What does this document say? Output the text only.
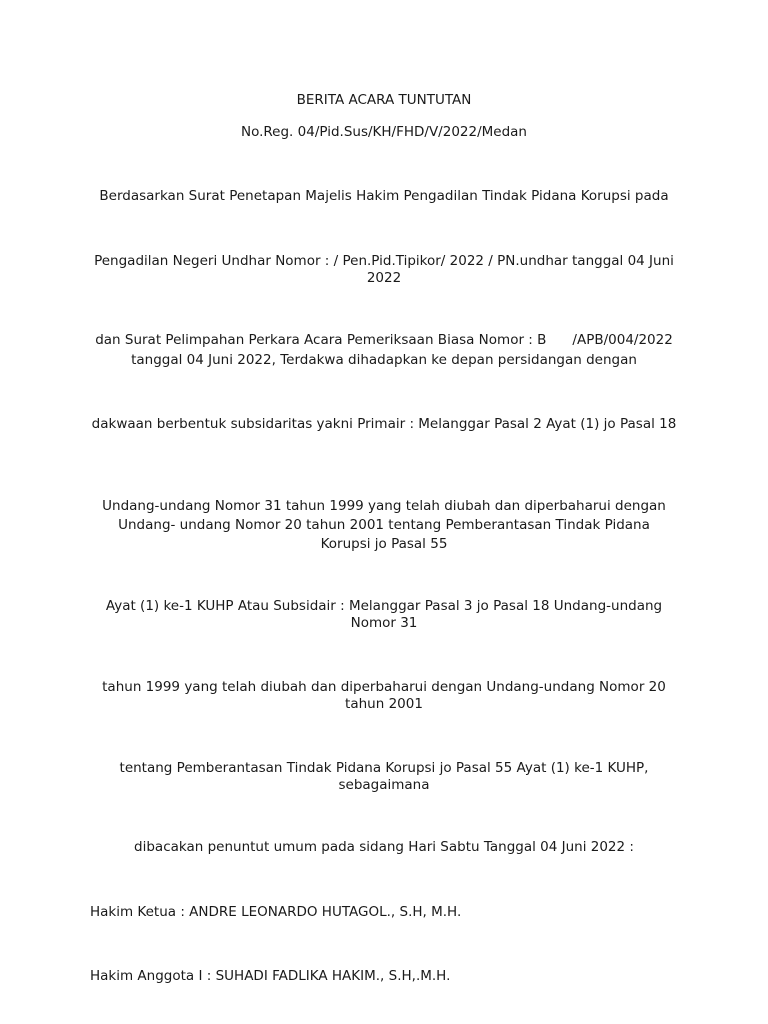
BERITA ACARA TUNTUTAN
No.Reg. 04/Pid.Sus/KH/FHD/V/2022/Medan
Berdasarkan Surat Penetapan Majelis Hakim Pengadilan Tindak Pidana Korupsi pada
Pengadilan Negeri Undhar Nomor : / Pen.Pid.Tipikor/ 2022 / PN.undhar tanggal 04 Juni 2022
dan Surat Pelimpahan Perkara Acara Pemeriksaan Biasa Nomor : B /APB/004/2022
tanggal 04 Juni 2022, Terdakwa dihadapkan ke depan persidangan dengan
dakwaan berbentuk subsidaritas yakni Primair : Melanggar Pasal 2 Ayat (1) jo Pasal 18
Undang-undang Nomor 31 tahun 1999 yang telah diubah dan diperbaharui dengan Undang- undang Nomor 20 tahun 2001 tentang Pemberantasan Tindak Pidana Korupsi jo Pasal 55
Ayat (1) ke-1 KUHP Atau Subsidair : Melanggar Pasal 3 jo Pasal 18 Undang-undang Nomor 31
tahun 1999 yang telah diubah dan diperbaharui dengan Undang-undang Nomor 20 tahun 2001
tentang Pemberantasan Tindak Pidana Korupsi jo Pasal 55 Ayat (1) ke-1 KUHP, sebagaimana
dibacakan penuntut umum pada sidang Hari Sabtu Tanggal 04 Juni 2022 :
Hakim Ketua : ANDRE LEONARDO HUTAGOL., S.H, M.H.
Hakim Anggota I : SUHADI FADLIKA HAKIM., S.H,.M.H.
